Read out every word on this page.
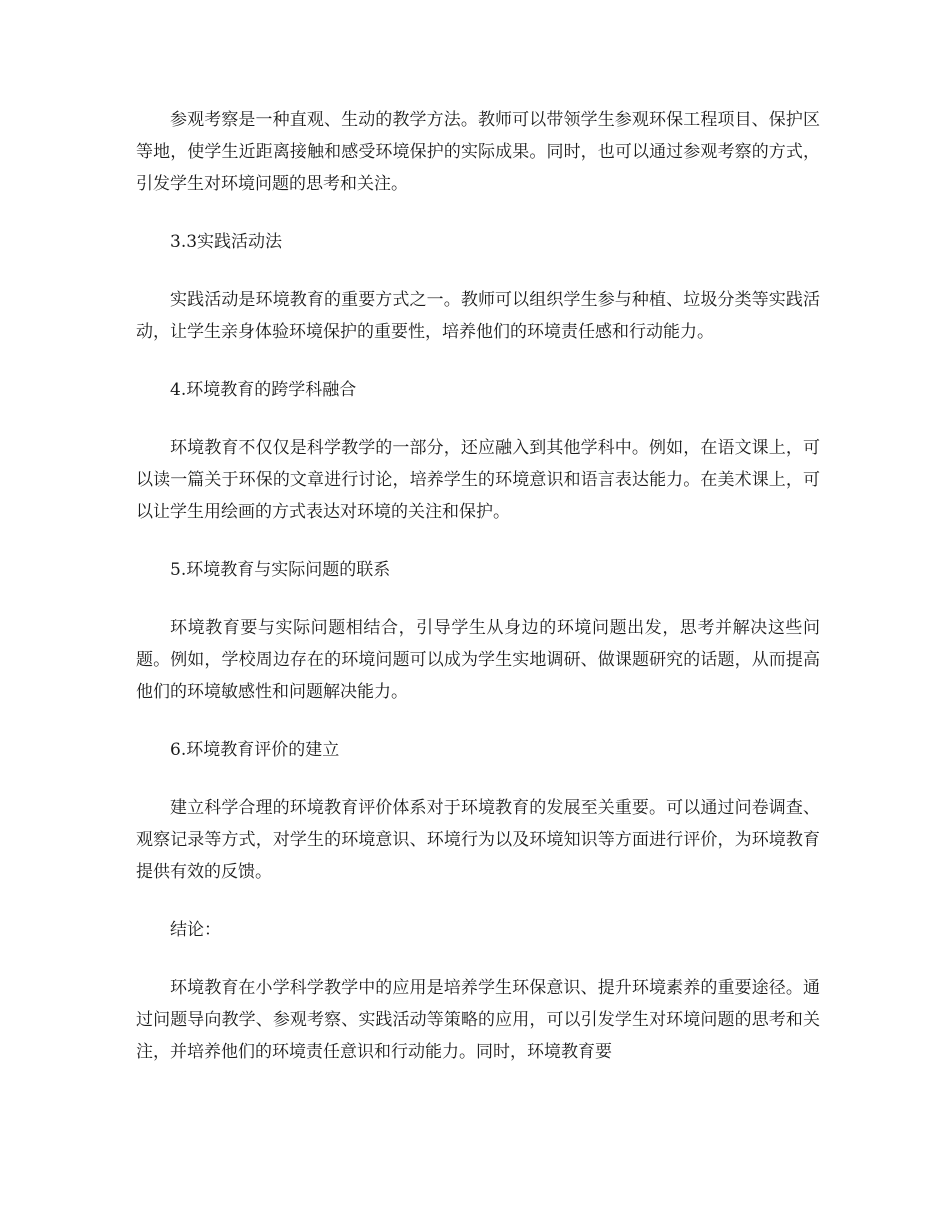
参观考察是一种直观、生动的教学方法。教师可以带领学生参观环保工程项目、保护区等地，使学生近距离接触和感受环境保护的实际成果。同时，也可以通过参观考察的方式，引发学生对环境问题的思考和关注。

3.3实践活动法

实践活动是环境教育的重要方式之一。教师可以组织学生参与种植、垃圾分类等实践活动，让学生亲身体验环境保护的重要性，培养他们的环境责任感和行动能力。

4.环境教育的跨学科融合

环境教育不仅仅是科学教学的一部分，还应融入到其他学科中。例如，在语文课上，可以读一篇关于环保的文章进行讨论，培养学生的环境意识和语言表达能力。在美术课上，可以让学生用绘画的方式表达对环境的关注和保护。

5.环境教育与实际问题的联系

环境教育要与实际问题相结合，引导学生从身边的环境问题出发，思考并解决这些问题。例如，学校周边存在的环境问题可以成为学生实地调研、做课题研究的话题，从而提高他们的环境敏感性和问题解决能力。

6.环境教育评价的建立

建立科学合理的环境教育评价体系对于环境教育的发展至关重要。可以通过问卷调查、观察记录等方式，对学生的环境意识、环境行为以及环境知识等方面进行评价，为环境教育提供有效的反馈。

结论：

环境教育在小学科学教学中的应用是培养学生环保意识、提升环境素养的重要途径。通过问题导向教学、参观考察、实践活动等策略的应用，可以引发学生对环境问题的思考和关注，并培养他们的环境责任意识和行动能力。同时，环境教育要
